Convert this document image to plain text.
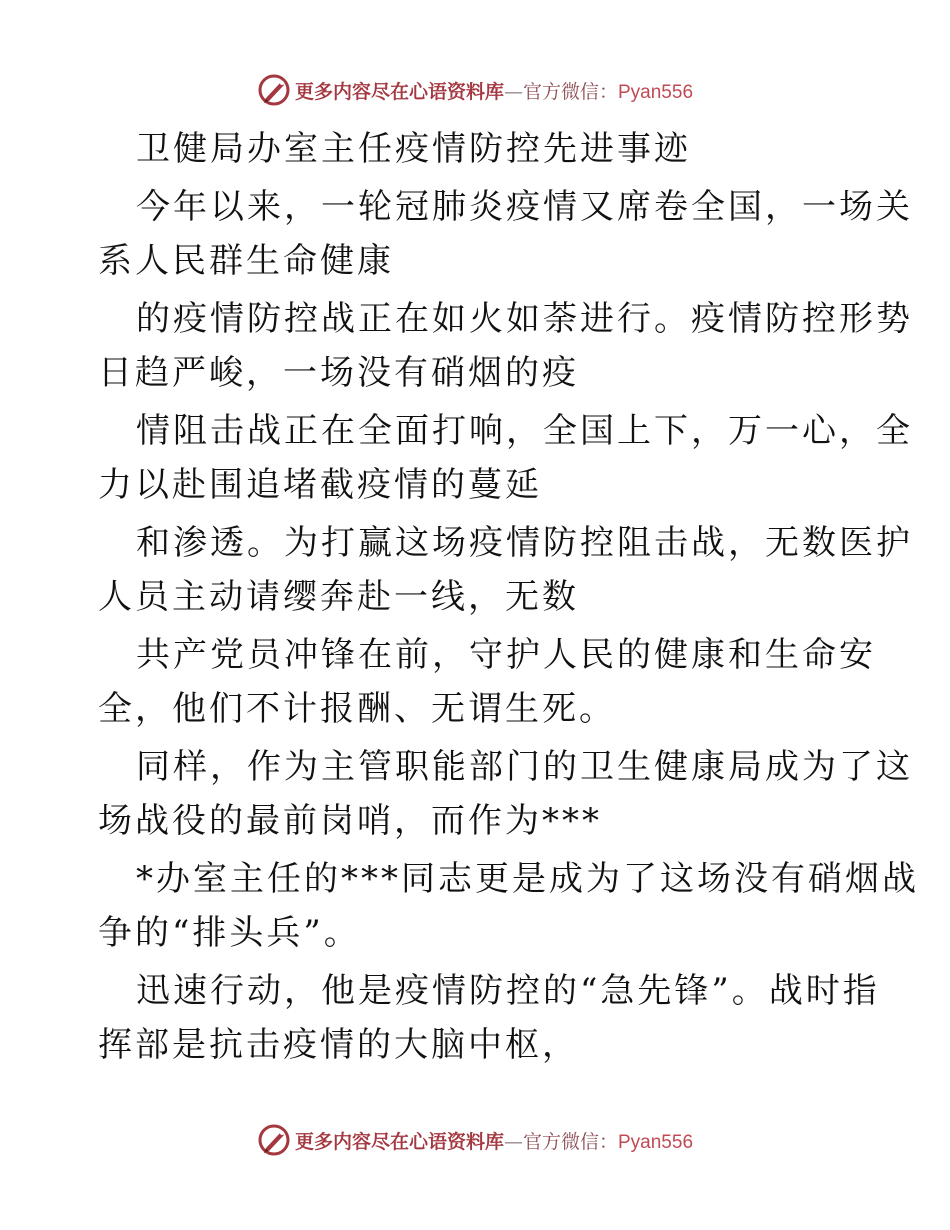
更多内容尽在心语资料库—官方微信：Pyan556
卫健局办室主任疫情防控先进事迹
今年以来，一轮冠肺炎疫情又席卷全国，一场关
系人民群生命健康
的疫情防控战正在如火如荼进行。疫情防控形势
日趋严峻，一场没有硝烟的疫
情阻击战正在全面打响，全国上下，万一心，全
力以赴围追堵截疫情的蔓延
和渗透。为打赢这场疫情防控阻击战，无数医护
人员主动请缨奔赴一线，无数
共产党员冲锋在前，守护人民的健康和生命安
全，他们不计报酬、无谓生死。
同样，作为主管职能部门的卫生健康局成为了这
场战役的最前岗哨，而作为***
*办室主任的***同志更是成为了这场没有硝烟战
争的“排头兵”。
迅速行动，他是疫情防控的“急先锋”。战时指
挥部是抗击疫情的大脑中枢，
更多内容尽在心语资料库—官方微信：Pyan556
